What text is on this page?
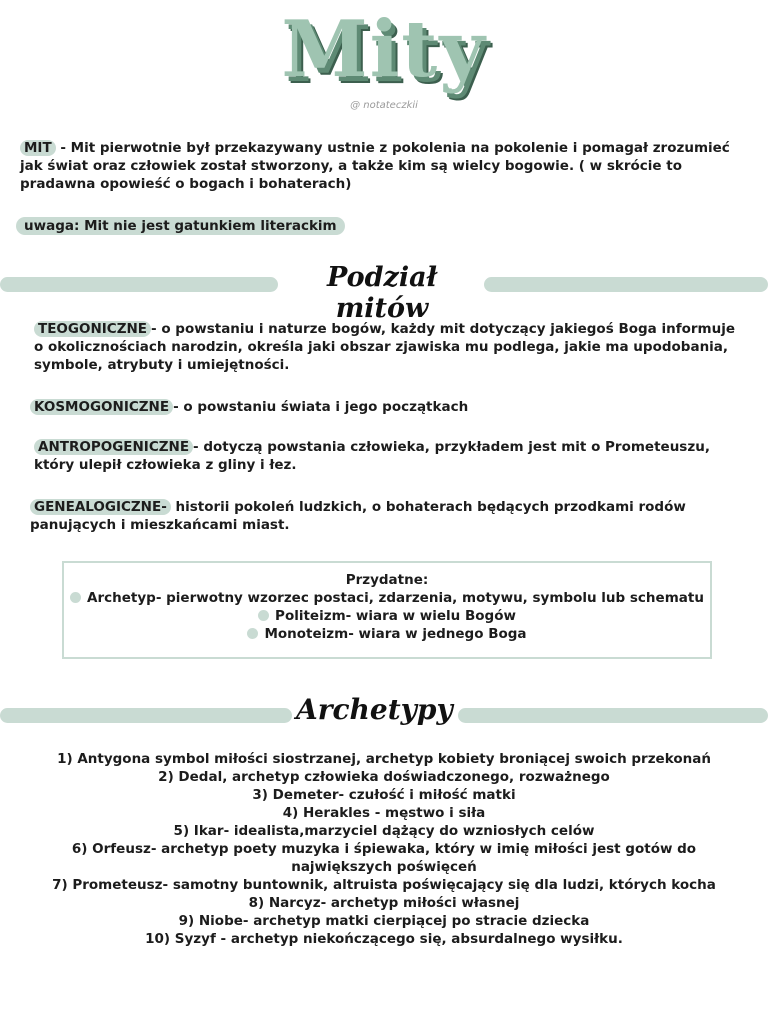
Mity
@ notateczkii
MIT - Mit pierwotnie był przekazywany ustnie z pokolenia na pokolenie i pomagał zrozumieć jak świat oraz człowiek został stworzony, a także kim są wielcy bogowie. ( w skrócie to pradawna opowieść o bogach i bohaterach)
uwaga: Mit nie jest gatunkiem literackim
Podział mitów
TEOGONICZNE - o powstaniu i naturze bogów, każdy mit dotyczący jakiegoś Boga informuje o okolicznościach narodzin, określa jaki obszar zjawiska mu podlega, jakie ma upodobania, symbole, atrybuty i umiejętności.
KOSMOGONICZNE - o powstaniu świata i jego początkach
ANTROPOGENICZNE - dotyczą powstania człowieka, przykładem jest mit o Prometeuszu, który ulepił człowieka z gliny i łez.
GENEALOGICZNE- historii pokoleń ludzkich, o bohaterach będących przodkami rodów panujących i mieszkańcami miast.
Przydatne:
Archetyp- pierwotny wzorzec postaci, zdarzenia, motywu, symbolu lub schematu
Politeizm- wiara w wielu Bogów
Monoteizm- wiara w jednego Boga
Archetypy
1) Antygona symbol miłości siostrzanej, archetyp kobiety broniącej swoich przekonań
2) Dedal, archetyp człowieka doświadczonego, rozważnego
3) Demeter- czułość i miłość matki
4) Herakles - męstwo i siła
5) Ikar- idealista,marzyciel dążący do wzniosłych celów
6) Orfeusz- archetyp poety muzyka i śpiewaka, który w imię miłości jest gotów do największych poświęceń
7) Prometeusz- samotny buntownik, altruista poświęcający się dla ludzi, których kocha
8) Narcyz- archetyp miłości własnej
9) Niobe- archetyp matki cierpiącej po stracie dziecka
10) Syzyf - archetyp niekończącego się, absurdalnego wysiłku.
